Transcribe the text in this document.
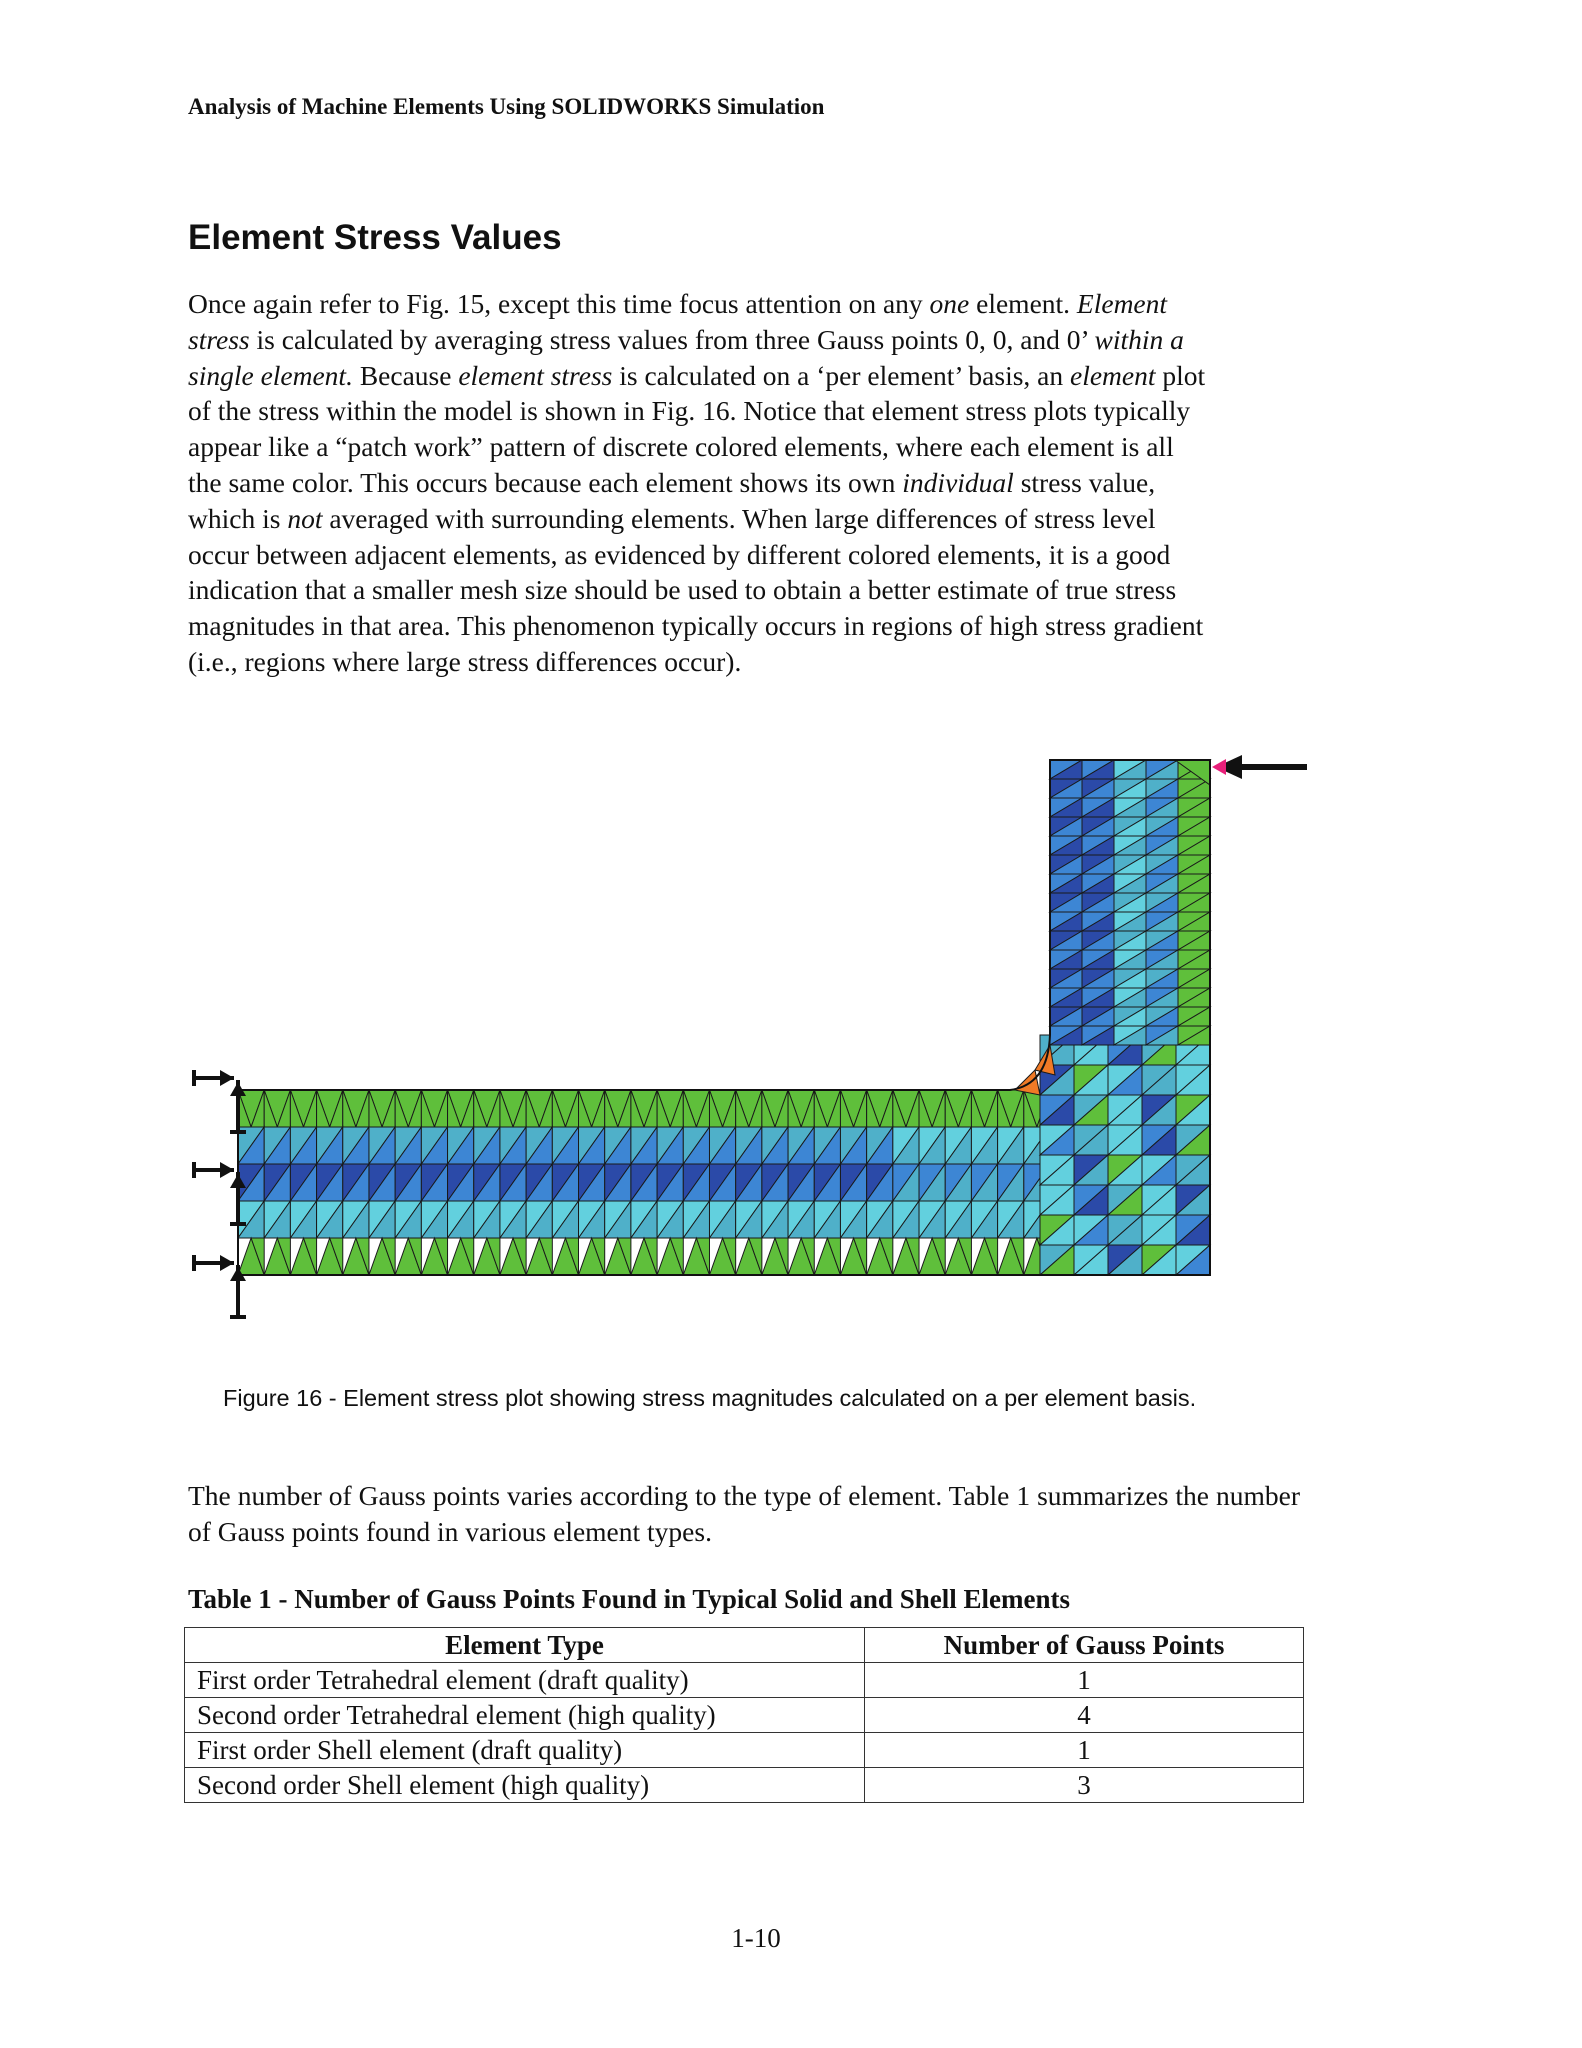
Analysis of Machine Elements Using SOLIDWORKS Simulation
Element Stress Values

Once again refer to Fig. 15, except this time focus attention on any one element. Element stress is calculated by averaging stress values from three Gauss points 0, 0, and 0’ within a single element. Because element stress is calculated on a ‘per element’ basis, an element plot of the stress within the model is shown in Fig. 16. Notice that element stress plots typically appear like a “patch work” pattern of discrete colored elements, where each element is all the same color. This occurs because each element shows its own individual stress value, which is not averaged with surrounding elements. When large differences of stress level occur between adjacent elements, as evidenced by different colored elements, it is a good indication that a smaller mesh size should be used to obtain a better estimate of true stress magnitudes in that area. This phenomenon typically occurs in regions of high stress gradient (i.e., regions where large stress differences occur).

Figure 16 - Element stress plot showing stress magnitudes calculated on a per element basis.

The number of Gauss points varies according to the type of element. Table 1 summarizes the number of Gauss points found in various element types.

Table 1 - Number of Gauss Points Found in Typical Solid and Shell Elements
Element Type	Number of Gauss Points
First order Tetrahedral element (draft quality)	1
Second order Tetrahedral element (high quality)	4
First order Shell element (draft quality)	1
Second order Shell element (high quality)	3
1-10
